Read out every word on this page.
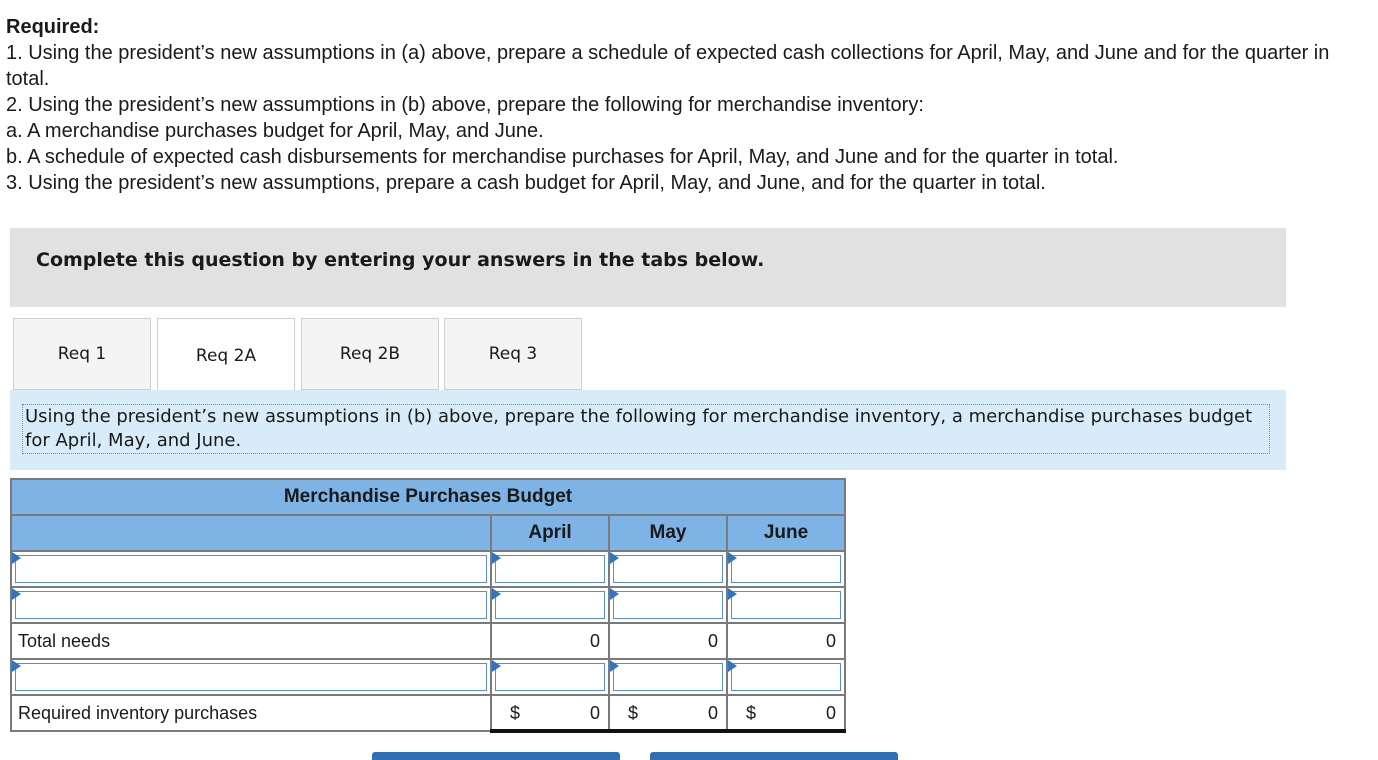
Required:

1. Using the president’s new assumptions in (a) above, prepare a schedule of expected cash collections for April, May, and June and for the quarter in total.

2. Using the president’s new assumptions in (b) above, prepare the following for merchandise inventory:

a. A merchandise purchases budget for April, May, and June.

b. A schedule of expected cash disbursements for merchandise purchases for April, May, and June and for the quarter in total.

3. Using the president’s new assumptions, prepare a cash budget for April, May, and June, and for the quarter in total.

Complete this question by entering your answers in the tabs below.
Req 1	Req 2A	Req 2B	Req 3
Using the president’s new assumptions in (b) above, prepare the following for merchandise inventory, a merchandise purchases budget for April, May, and June.
Merchandise Purchases Budget			
	April	May	June

Total needs	0	0	0

Required inventory purchases	$ 0	$ 0	$ 0
